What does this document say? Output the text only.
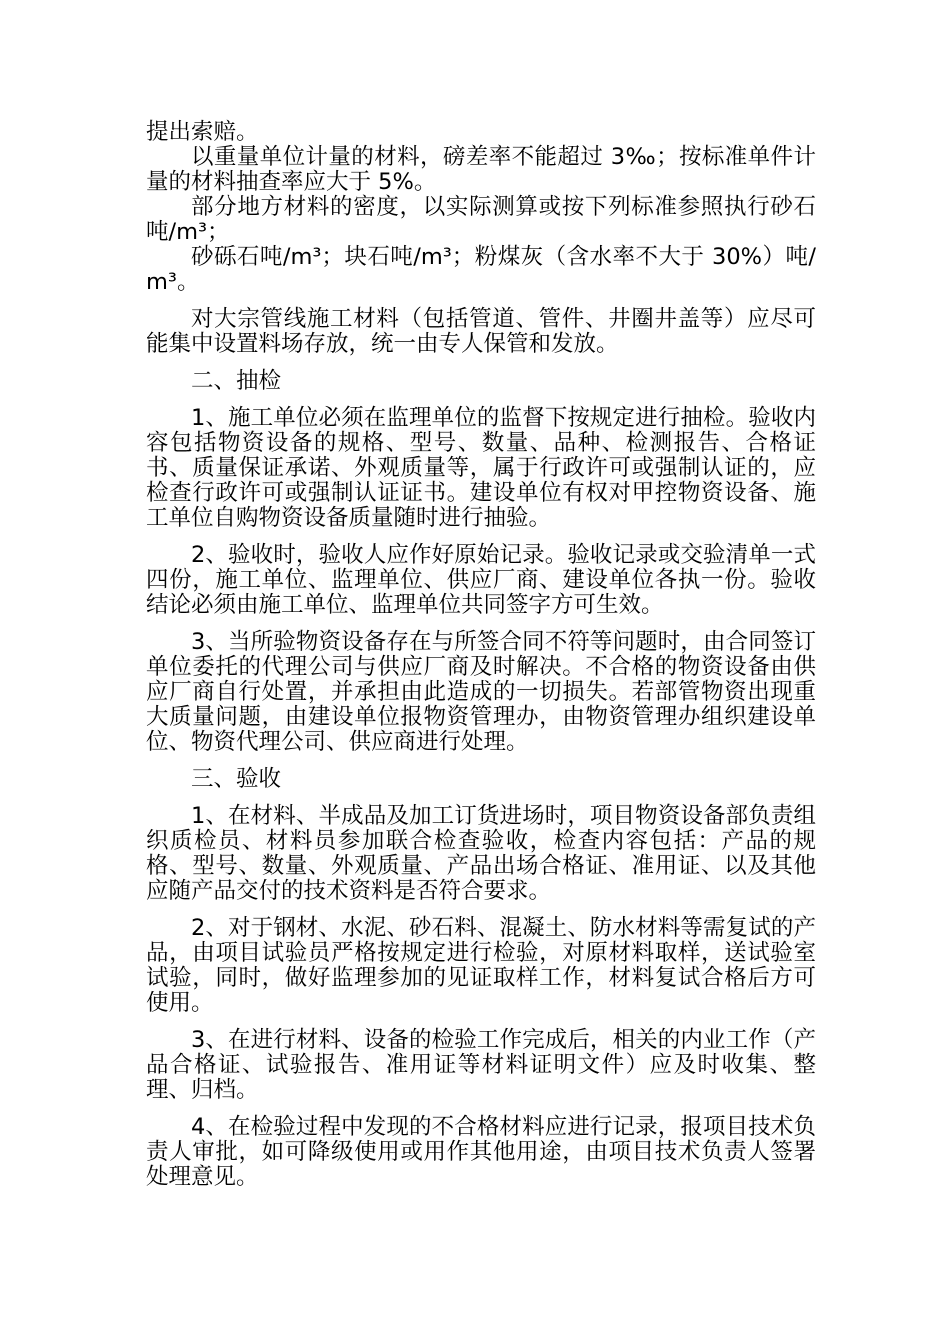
提出索赔。

以重量单位计量的材料，磅差率不能超过 3‰；按标准单件计量的材料抽查率应大于 5%。

部分地方材料的密度，以实际测算或按下列标准参照执行砂石吨/m³；

砂砾石吨/m³；块石吨/m³；粉煤灰（含水率不大于 30%）吨/m³。

对大宗管线施工材料（包括管道、管件、井圈井盖等）应尽可能集中设置料场存放，统一由专人保管和发放。

二、抽检

1、施工单位必须在监理单位的监督下按规定进行抽检。验收内容包括物资设备的规格、型号、数量、品种、检测报告、合格证书、质量保证承诺、外观质量等，属于行政许可或强制认证的，应检查行政许可或强制认证证书。建设单位有权对甲控物资设备、施工单位自购物资设备质量随时进行抽验。

2、验收时，验收人应作好原始记录。验收记录或交验清单一式四份，施工单位、监理单位、供应厂商、建设单位各执一份。验收结论必须由施工单位、监理单位共同签字方可生效。

3、当所验物资设备存在与所签合同不符等问题时，由合同签订单位委托的代理公司与供应厂商及时解决。不合格的物资设备由供应厂商自行处置，并承担由此造成的一切损失。若部管物资出现重大质量问题，由建设单位报物资管理办，由物资管理办组织建设单位、物资代理公司、供应商进行处理。

三、验收

1、在材料、半成品及加工订货进场时，项目物资设备部负责组织质检员、材料员参加联合检查验收，检查内容包括：产品的规格、型号、数量、外观质量、产品出场合格证、准用证、以及其他应随产品交付的技术资料是否符合要求。

2、对于钢材、水泥、砂石料、混凝土、防水材料等需复试的产品，由项目试验员严格按规定进行检验，对原材料取样，送试验室试验，同时，做好监理参加的见证取样工作，材料复试合格后方可使用。

3、在进行材料、设备的检验工作完成后，相关的内业工作（产品合格证、试验报告、准用证等材料证明文件）应及时收集、整理、归档。

4、在检验过程中发现的不合格材料应进行记录，报项目技术负责人审批，如可降级使用或用作其他用途，由项目技术负责人签署处理意见。
